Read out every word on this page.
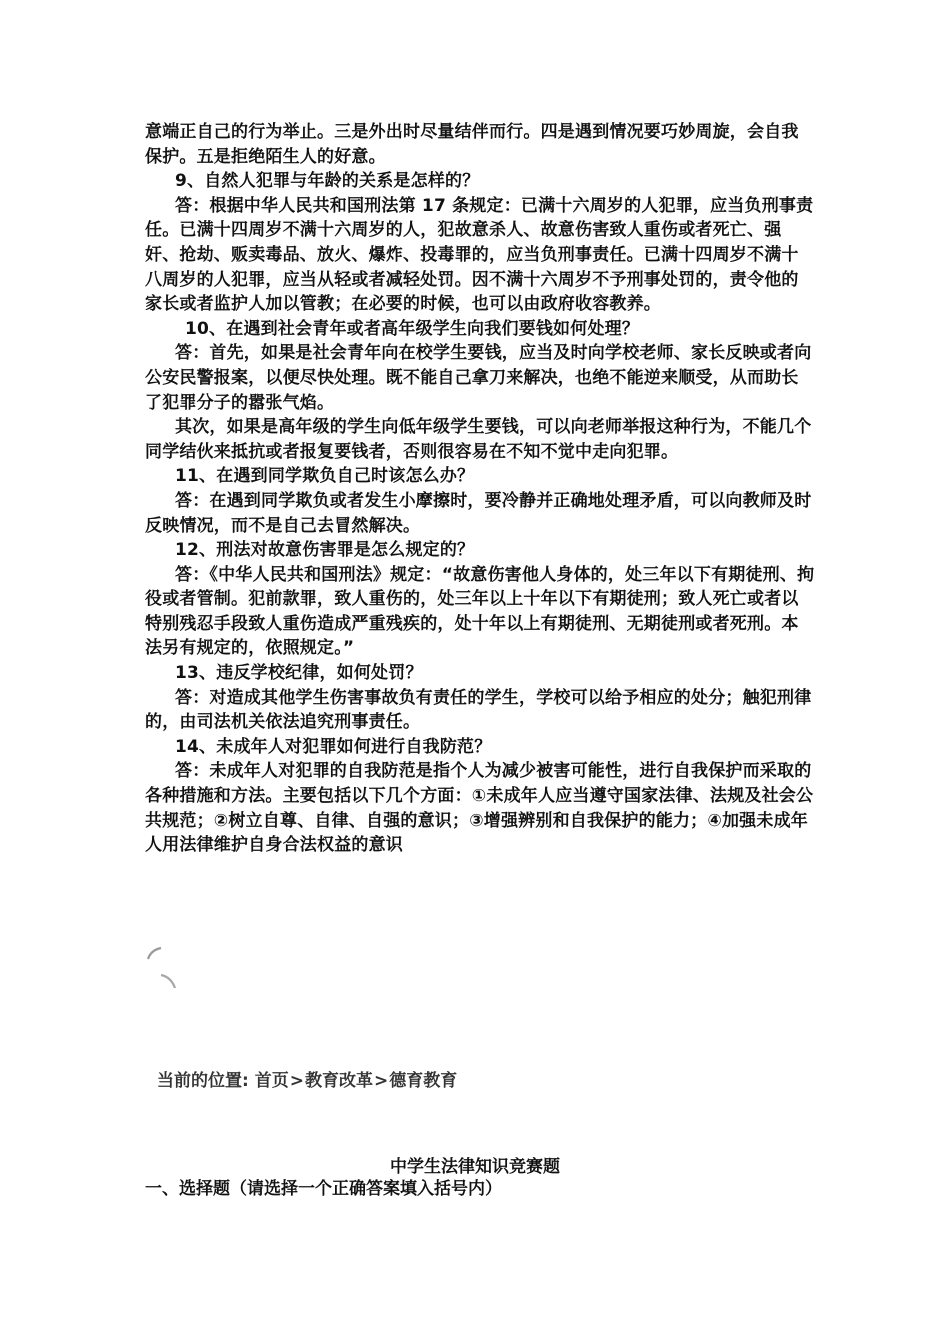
意端正自己的行为举止。三是外出时尽量结伴而行。四是遇到情况要巧妙周旋，会自我保护。五是拒绝陌生人的好意。

9、自然人犯罪与年龄的关系是怎样的？

答：根据中华人民共和国刑法第 17 条规定：已满十六周岁的人犯罪，应当负刑事责任。已满十四周岁不满十六周岁的人，犯故意杀人、故意伤害致人重伤或者死亡、强奸、抢劫、贩卖毒品、放火、爆炸、投毒罪的，应当负刑事责任。已满十四周岁不满十八周岁的人犯罪，应当从轻或者减轻处罚。因不满十六周岁不予刑事处罚的，责令他的家长或者监护人加以管教；在必要的时候，也可以由政府收容教养。

10、在遇到社会青年或者高年级学生向我们要钱如何处理？

答：首先，如果是社会青年向在校学生要钱，应当及时向学校老师、家长反映或者向公安民警报案，以便尽快处理。既不能自己拿刀来解决，也绝不能逆来顺受，从而助长了犯罪分子的嚣张气焰。

其次，如果是高年级的学生向低年级学生要钱，可以向老师举报这种行为，不能几个同学结伙来抵抗或者报复要钱者，否则很容易在不知不觉中走向犯罪。

11、在遇到同学欺负自己时该怎么办？

答：在遇到同学欺负或者发生小摩擦时，要冷静并正确地处理矛盾，可以向教师及时反映情况，而不是自己去冒然解决。

12、刑法对故意伤害罪是怎么规定的？

答：《中华人民共和国刑法》规定：“故意伤害他人身体的，处三年以下有期徒刑、拘役或者管制。犯前款罪，致人重伤的，处三年以上十年以下有期徒刑；致人死亡或者以特别残忍手段致人重伤造成严重残疾的，处十年以上有期徒刑、无期徒刑或者死刑。本法另有规定的，依照规定。”

13、违反学校纪律，如何处罚？

答：对造成其他学生伤害事故负有责任的学生，学校可以给予相应的处分；触犯刑律的，由司法机关依法追究刑事责任。

14、未成年人对犯罪如何进行自我防范？

答：未成年人对犯罪的自我防范是指个人为减少被害可能性，进行自我保护而采取的各种措施和方法。主要包括以下几个方面：①未成年人应当遵守国家法律、法规及社会公共规范；②树立自尊、自律、自强的意识；③增强辨别和自我保护的能力；④加强未成年人用法律维护自身合法权益的意识

当前的位置: 首页>教育改革>德育教育
中学生法律知识竞赛题
一、选择题（请选择一个正确答案填入括号内）
